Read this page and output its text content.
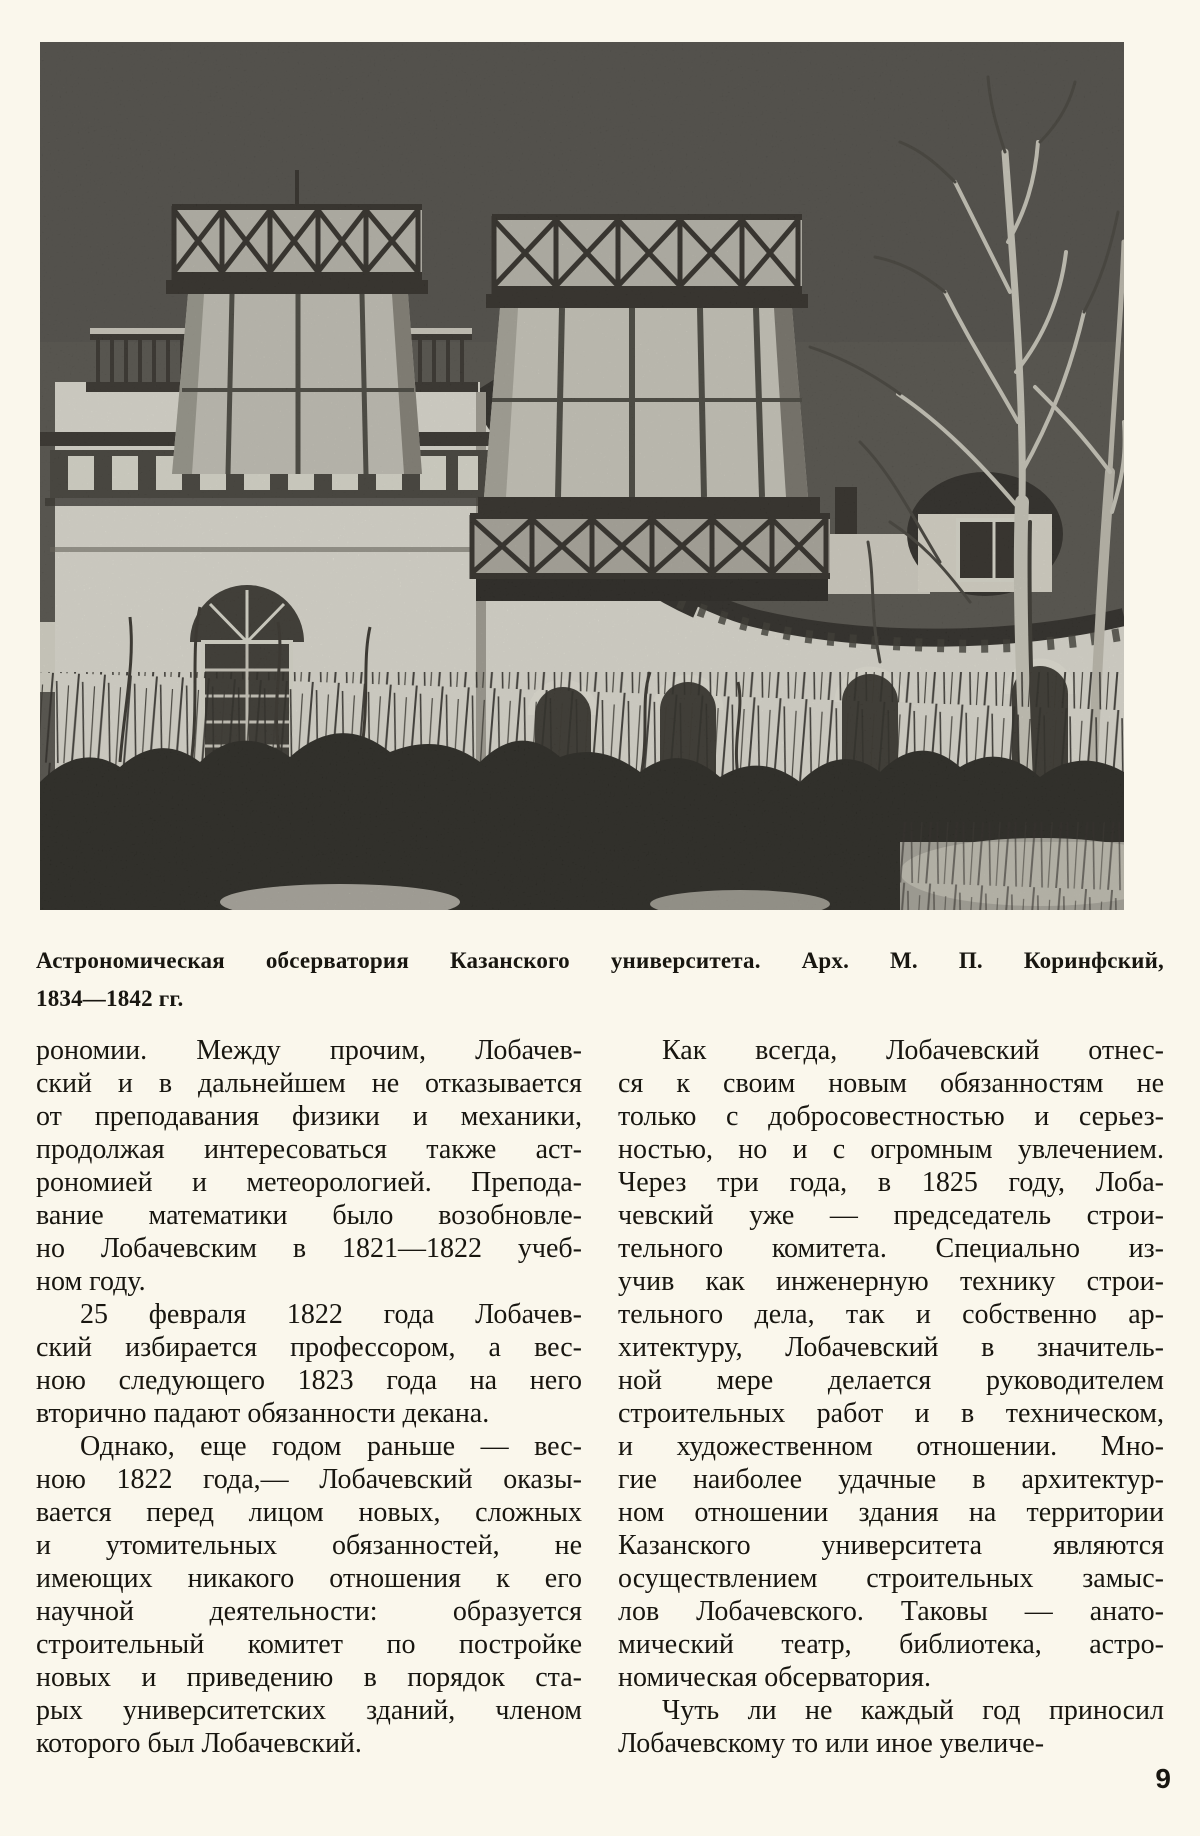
Астрономическая обсерватория Казанского университета. Арх. М. П. Коринфский,
1834—1842 гг.
рономии. Между прочим, Лобачев-
ский и в дальнейшем не отказывается
от преподавания физики и механики,
продолжая интересоваться также аст-
рономией и метеорологией. Препода-
вание математики было возобновле-
но Лобачевским в 1821—1822 учеб-
ном году.
25 февраля 1822 года Лобачев-
ский избирается профессором, а вес-
ною следующего 1823 года на него
вторично падают обязанности декана.
Однако, еще годом раньше — вес-
ною 1822 года,— Лобачевский оказы-
вается перед лицом новых, сложных
и утомительных обязанностей, не
имеющих никакого отношения к его
научной деятельности: образуется
строительный комитет по постройке
новых и приведению в порядок ста-
рых университетских зданий, членом
которого был Лобачевский.
Как всегда, Лобачевский отнес-
ся к своим новым обязанностям не
только с добросовестностью и серьез-
ностью, но и с огромным увлечением.
Через три года, в 1825 году, Лоба-
чевский уже — председатель строи-
тельного комитета. Специально из-
учив как инженерную технику строи-
тельного дела, так и собственно ар-
хитектуру, Лобачевский в значитель-
ной мере делается руководителем
строительных работ и в техническом,
и художественном отношении. Мно-
гие наиболее удачные в архитектур-
ном отношении здания на территории
Казанского университета являются
осуществлением строительных замыс-
лов Лобачевского. Таковы — анато-
мический театр, библиотека, астро-
номическая обсерватория.
Чуть ли не каждый год приносил
Лобачевскому то или иное увеличе-
9
